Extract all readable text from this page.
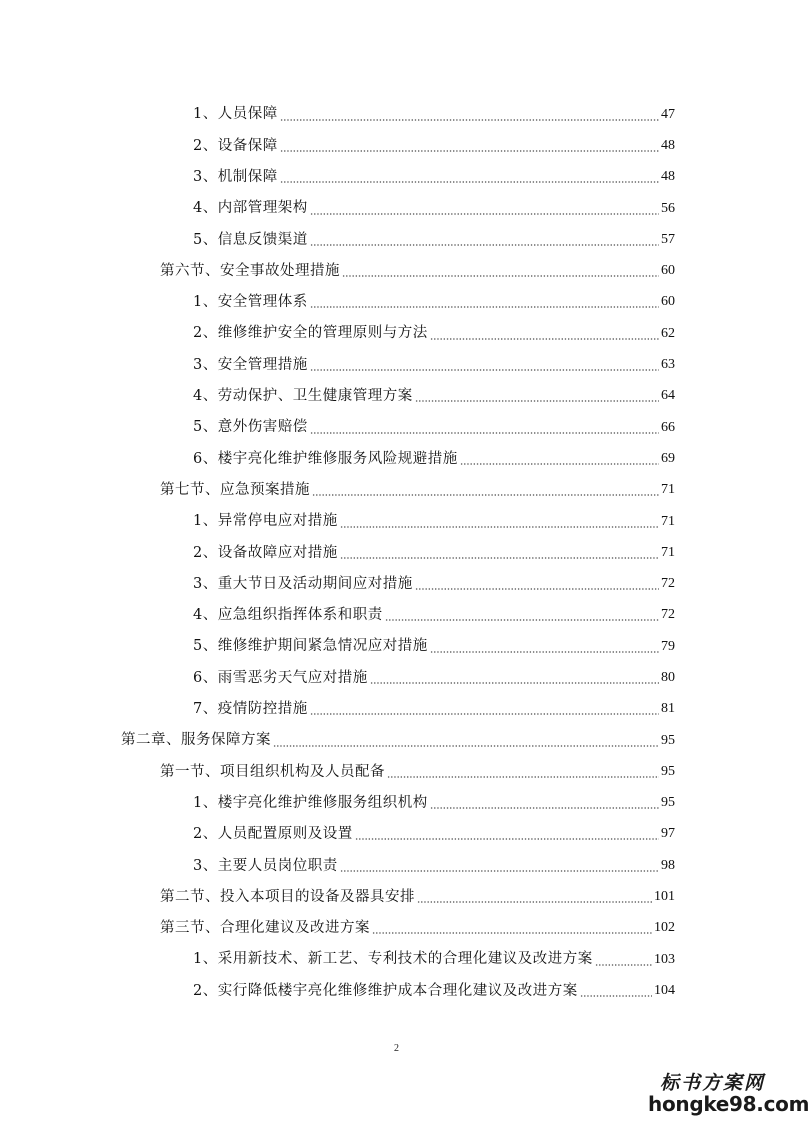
1、人员保障	47
2、设备保障	48
3、机制保障	48
4、内部管理架构	56
5、信息反馈渠道	57
第六节、安全事故处理措施	60
1、安全管理体系	60
2、维修维护安全的管理原则与方法	62
3、安全管理措施	63
4、劳动保护、卫生健康管理方案	64
5、意外伤害赔偿	66
6、楼宇亮化维护维修服务风险规避措施	69
第七节、应急预案措施	71
1、异常停电应对措施	71
2、设备故障应对措施	71
3、重大节日及活动期间应对措施	72
4、应急组织指挥体系和职责	72
5、维修维护期间紧急情况应对措施	79
6、雨雪恶劣天气应对措施	80
7、疫情防控措施	81
第二章、服务保障方案	95
第一节、项目组织机构及人员配备	95
1、楼宇亮化维护维修服务组织机构	95
2、人员配置原则及设置	97
3、主要人员岗位职责	98
第二节、投入本项目的设备及器具安排	101
第三节、合理化建议及改进方案	102
1、采用新技术、新工艺、专利技术的合理化建议及改进方案	103
2、实行降低楼宇亮化维修维护成本合理化建议及改进方案	104
2
标书方案网
hongke98.com
